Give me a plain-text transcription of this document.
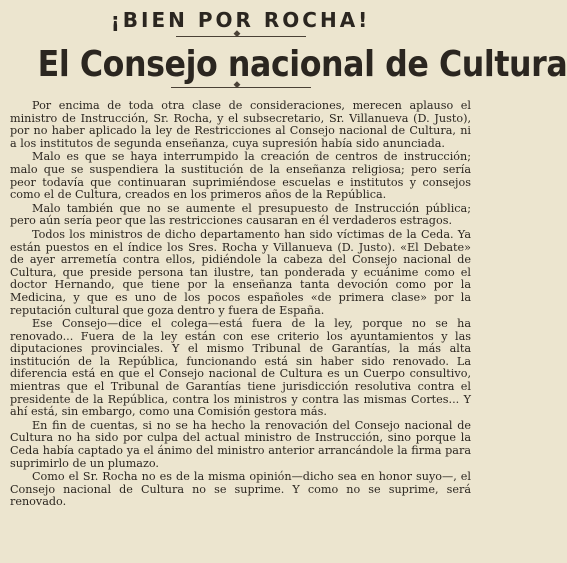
¡BIEN POR ROCHA!
◆
El Consejo nacional de Cultura
◆

Por encima de toda otra clase de consideraciones, merecen aplauso el ministro de Instrucción, Sr. Rocha, y el subsecretario, Sr. Villanueva (D. Justo), por no haber aplicado la ley de Restricciones al Consejo nacional de Cultura, ni a los institutos de segunda enseñanza, cuya supresión había sido anunciada.

Malo es que se haya interrumpido la creación de centros de instrucción; malo que se suspendiera la sustitución de la enseñanza religiosa; pero sería peor todavía que continuaran suprimiéndose escuelas e institutos y consejos como el de Cultura, creados en los primeros años de la República.

Malo también que no se aumente el presupuesto de Instrucción pública; pero aún sería peor que las restricciones causaran en él verdaderos estragos.

Todos los ministros de dicho departamento han sido víctimas de la Ceda. Ya están puestos en el índice los Sres. Rocha y Villanueva (D. Justo). «El Debate» de ayer arremetía contra ellos, pidiéndole la cabeza del Consejo nacional de Cultura, que preside persona tan ilustre, tan ponderada y ecuánime como el doctor Hernando, que tiene por la enseñanza tanta devoción como por la Medicina, y que es uno de los pocos españoles «de primera clase» por la reputación cultural que goza dentro y fuera de España.

Ese Consejo—dice el colega—está fuera de la ley, porque no se ha renovado... Fuera de la ley están con ese criterio los ayuntamientos y las diputaciones provinciales. Y el mismo Tribunal de Garantías, la más alta institución de la República, funcionando está sin haber sido renovado. La diferencia está en que el Consejo nacional de Cultura es un Cuerpo consultivo, mientras que el Tribunal de Garantías tiene jurisdicción resolutiva contra el presidente de la República, contra los ministros y contra las mismas Cortes... Y ahí está, sin embargo, como una Comisión gestora más.

En fin de cuentas, si no se ha hecho la renovación del Consejo nacional de Cultura no ha sido por culpa del actual ministro de Instrucción, sino porque la Ceda había captado ya el ánimo del ministro anterior arrancándole la firma para suprimirlo de un plumazo.

Como el Sr. Rocha no es de la misma opinión—dicho sea en honor suyo—, el Consejo nacional de Cultura no se suprime. Y como no se suprime, será renovado.
